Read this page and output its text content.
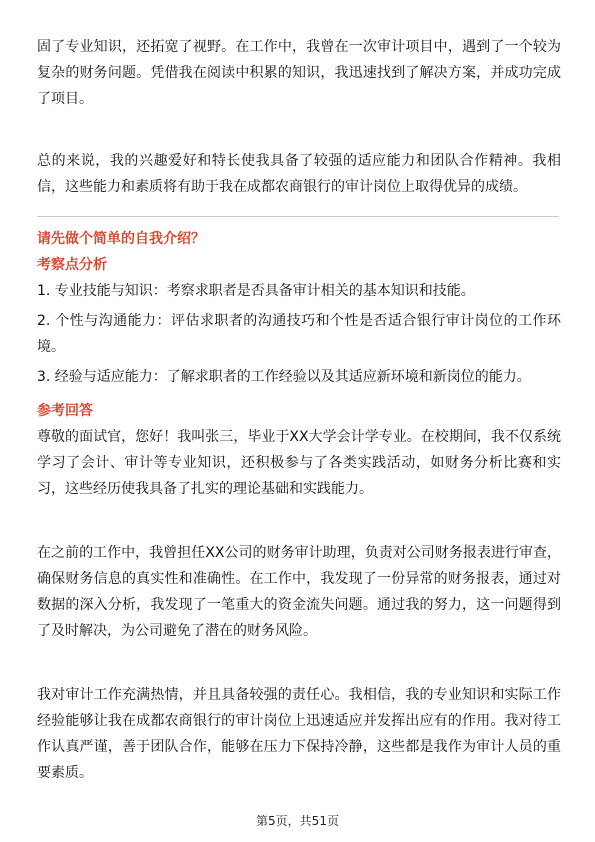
固了专业知识，还拓宽了视野。在工作中，我曾在一次审计项目中，遇到了一个较为复杂的财务问题。凭借我在阅读中积累的知识，我迅速找到了解决方案，并成功完成了项目。

总的来说，我的兴趣爱好和特长使我具备了较强的适应能力和团队合作精神。我相信，这些能力和素质将有助于我在成都农商银行的审计岗位上取得优异的成绩。

请先做个简单的自我介绍？

考察点分析

1. 专业技能与知识：考察求职者是否具备审计相关的基本知识和技能。

2. 个性与沟通能力：评估求职者的沟通技巧和个性是否适合银行审计岗位的工作环境。

3. 经验与适应能力：了解求职者的工作经验以及其适应新环境和新岗位的能力。

参考回答

尊敬的面试官，您好！我叫张三，毕业于XX大学会计学专业。在校期间，我不仅系统学习了会计、审计等专业知识，还积极参与了各类实践活动，如财务分析比赛和实习，这些经历使我具备了扎实的理论基础和实践能力。

在之前的工作中，我曾担任XX公司的财务审计助理，负责对公司财务报表进行审查，确保财务信息的真实性和准确性。在工作中，我发现了一份异常的财务报表，通过对数据的深入分析，我发现了一笔重大的资金流失问题。通过我的努力，这一问题得到了及时解决，为公司避免了潜在的财务风险。

我对审计工作充满热情，并且具备较强的责任心。我相信，我的专业知识和实际工作经验能够让我在成都农商银行的审计岗位上迅速适应并发挥出应有的作用。我对待工作认真严谨，善于团队合作，能够在压力下保持冷静，这些都是我作为审计人员的重要素质。

第5页，共51页
